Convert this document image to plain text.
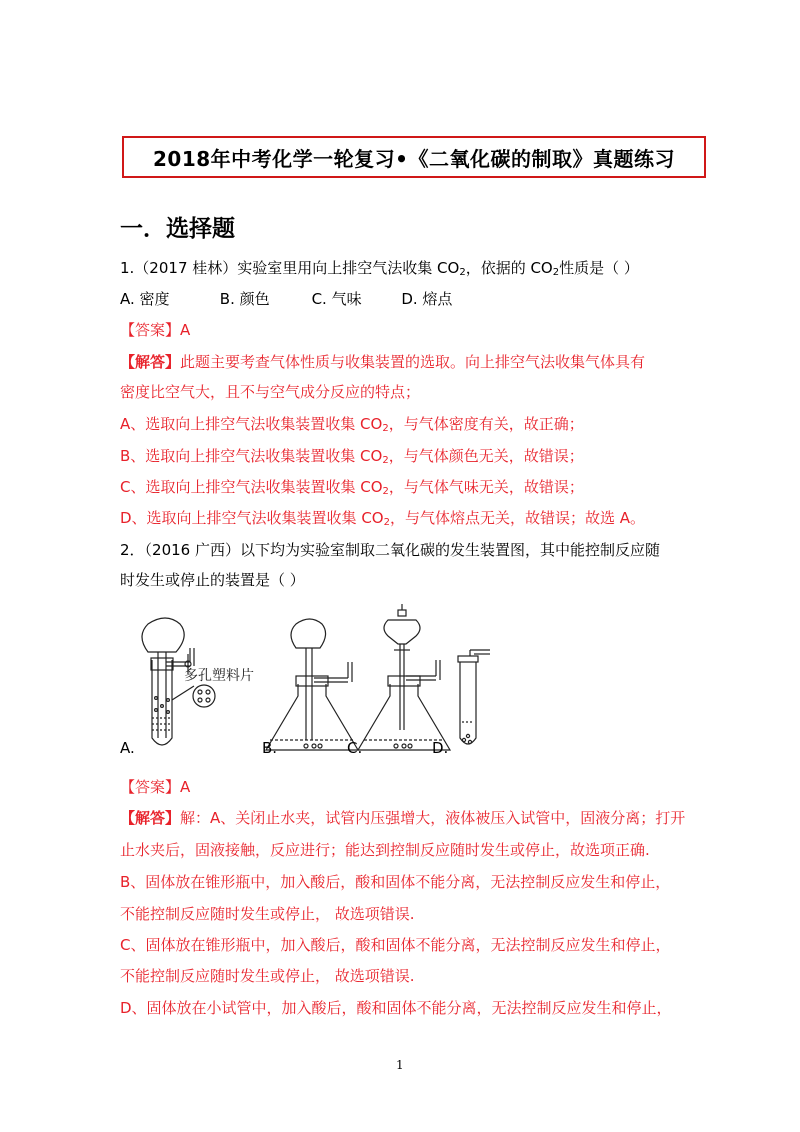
2018年中考化学一轮复习•《二氧化碳的制取》真题练习
一．选择题
1.（2017 桂林）实验室里用向上排空气法收集 $CO_2$，依据的 $CO_2$性质是（ ）
A. 密度	B. 颜色	C. 气味	D. 熔点
【答案】A
【解答】此题主要考查气体性质与收集装置的选取。向上排空气法收集气体具有
密度比空气大，且不与空气成分反应的特点；
A、选取向上排空气法收集装置收集 $CO_2$，与气体密度有关，故正确；
B、选取向上排空气法收集装置收集 $CO_2$，与气体颜色无关，故错误；
C、选取向上排空气法收集装置收集 $CO_2$，与气体气味无关，故错误；
D、选取向上排空气法收集装置收集 $CO_2$，与气体熔点无关，故错误；故选 A。
2．（2016 广西）以下均为实验室制取二氧化碳的发生装置图，其中能控制反应随
时发生或停止的装置是（ ）
多孔塑料片
A.	B.	C.	D.
【答案】A
【解答】解：A、关闭止水夹，试管内压强增大，液体被压入试管中，固液分离；打开
止水夹后，固液接触，反应进行；能达到控制反应随时发生或停止，故选项正确.
B、固体放在锥形瓶中，加入酸后，酸和固体不能分离，无法控制反应发生和停止，
不能控制反应随时发生或停止， 故选项错误.
C、固体放在锥形瓶中，加入酸后，酸和固体不能分离，无法控制反应发生和停止，
不能控制反应随时发生或停止， 故选项错误.
D、固体放在小试管中，加入酸后，酸和固体不能分离，无法控制反应发生和停止，
1
